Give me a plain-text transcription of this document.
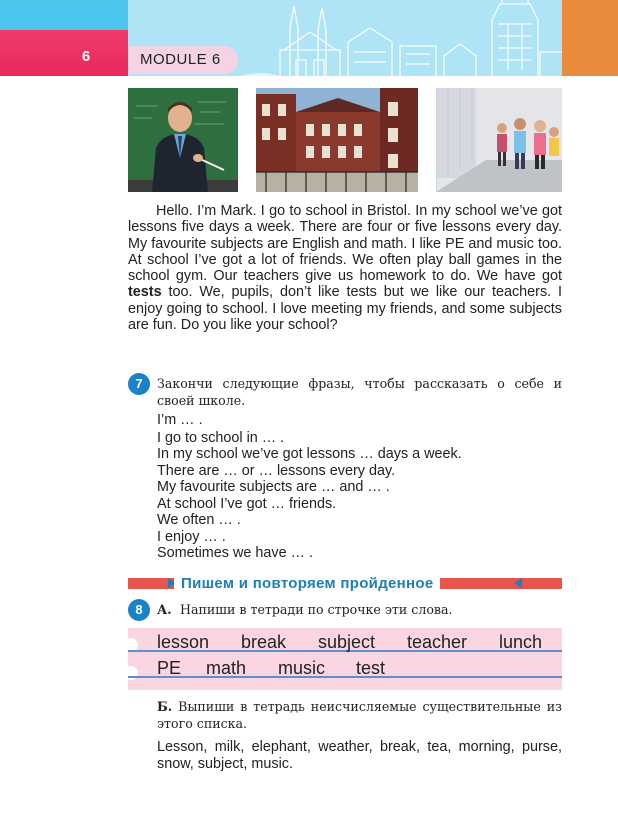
6	MODULE 6

Hello. I’m Mark. I go to school in Bristol. In my school we’ve got lessons five days a week. There are four or five lessons every day. My favourite subjects are English and math. I like PE and music too. At school I’ve got a lot of friends. We often play ball games in the school gym. Our teachers give us homework to do. We have got tests too. We, pupils, don’t like tests but we like our teachers. I enjoy going to school. I love meeting my friends, and some subjects are fun. Do you like your school?

7	Закончи следующие фразы, чтобы рассказать о себе и своей школе.
I’m … .
I go to school in … .
In my school we’ve got lessons … days a week.
There are … or … lessons every day.
My favourite subjects are … and … .
At school I’ve got … friends.
We often … .
I enjoy … .
Sometimes we have … .
Пишем и повторяем пройденное
8	А. Напиши в тетради по строчке эти слова.
lesson break subject teacher lunch
PE math music test
Б. Выпиши в тетрадь неисчисляемые существительные из этого списка.
Lesson, milk, elephant, weather, break, tea, morning, purse, snow, subject, music.
